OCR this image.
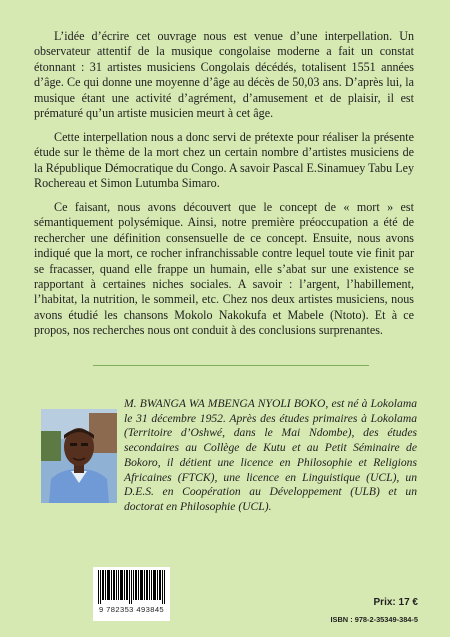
L’idée d’écrire cet ouvrage nous est venue d’une interpellation. Un observateur attentif de la musique congolaise moderne a fait un constat étonnant : 31 artistes musiciens Congolais décédés, totalisent 1551 années d’âge. Ce qui donne une moyenne d’âge au décès de 50,03 ans. D’après lui, la musique étant une activité d’agrément, d’amusement et de plaisir, il est prématuré qu’un artiste musicien meurt à cet âge.

Cette interpellation nous a donc servi de prétexte pour réaliser la présente étude sur le thème de la mort chez un certain nombre d’artistes musiciens de la République Démocratique du Congo. A savoir Pascal E.Sinamuey Tabu Ley Rochereau et Simon Lutumba Simaro.

Ce faisant, nous avons découvert que le concept de « mort » est sémantiquement polysémique. Ainsi, notre première préoccupation a été de rechercher une définition consensuelle de ce concept. Ensuite, nous avons indiqué que la mort, ce rocher infranchissable contre lequel toute vie finit par se fracasser, quand elle frappe un humain, elle s’abat sur une existence se rapportant à certaines niches sociales. A savoir : l’argent, l’habillement, l’habitat, la nutrition, le sommeil, etc. Chez nos deux artistes musiciens, nous avons étudié les chansons Mokolo Nakokufa et Mabele (Ntoto). Et à ce propos, nos recherches nous ont conduit à des conclusions surprenantes.

M. BWANGA WA MBENGA NYOLI BOKO, est né à Lokolama le 31 décembre 1952. Après des études primaires à Lokolama (Territoire d’Oshwé, dans le Mai Ndombe), des études secondaires au Collège de Kutu et au Petit Séminaire de Bokoro, il détient une licence en Philosophie et Religions Africaines (FTCK), une licence en Linguistique (UCL), un D.E.S. en Coopération au Développement (ULB) et un doctorat en Philosophie (UCL).

9 782353 493845
Prix: 17 €
ISBN : 978-2-35349-384-5
